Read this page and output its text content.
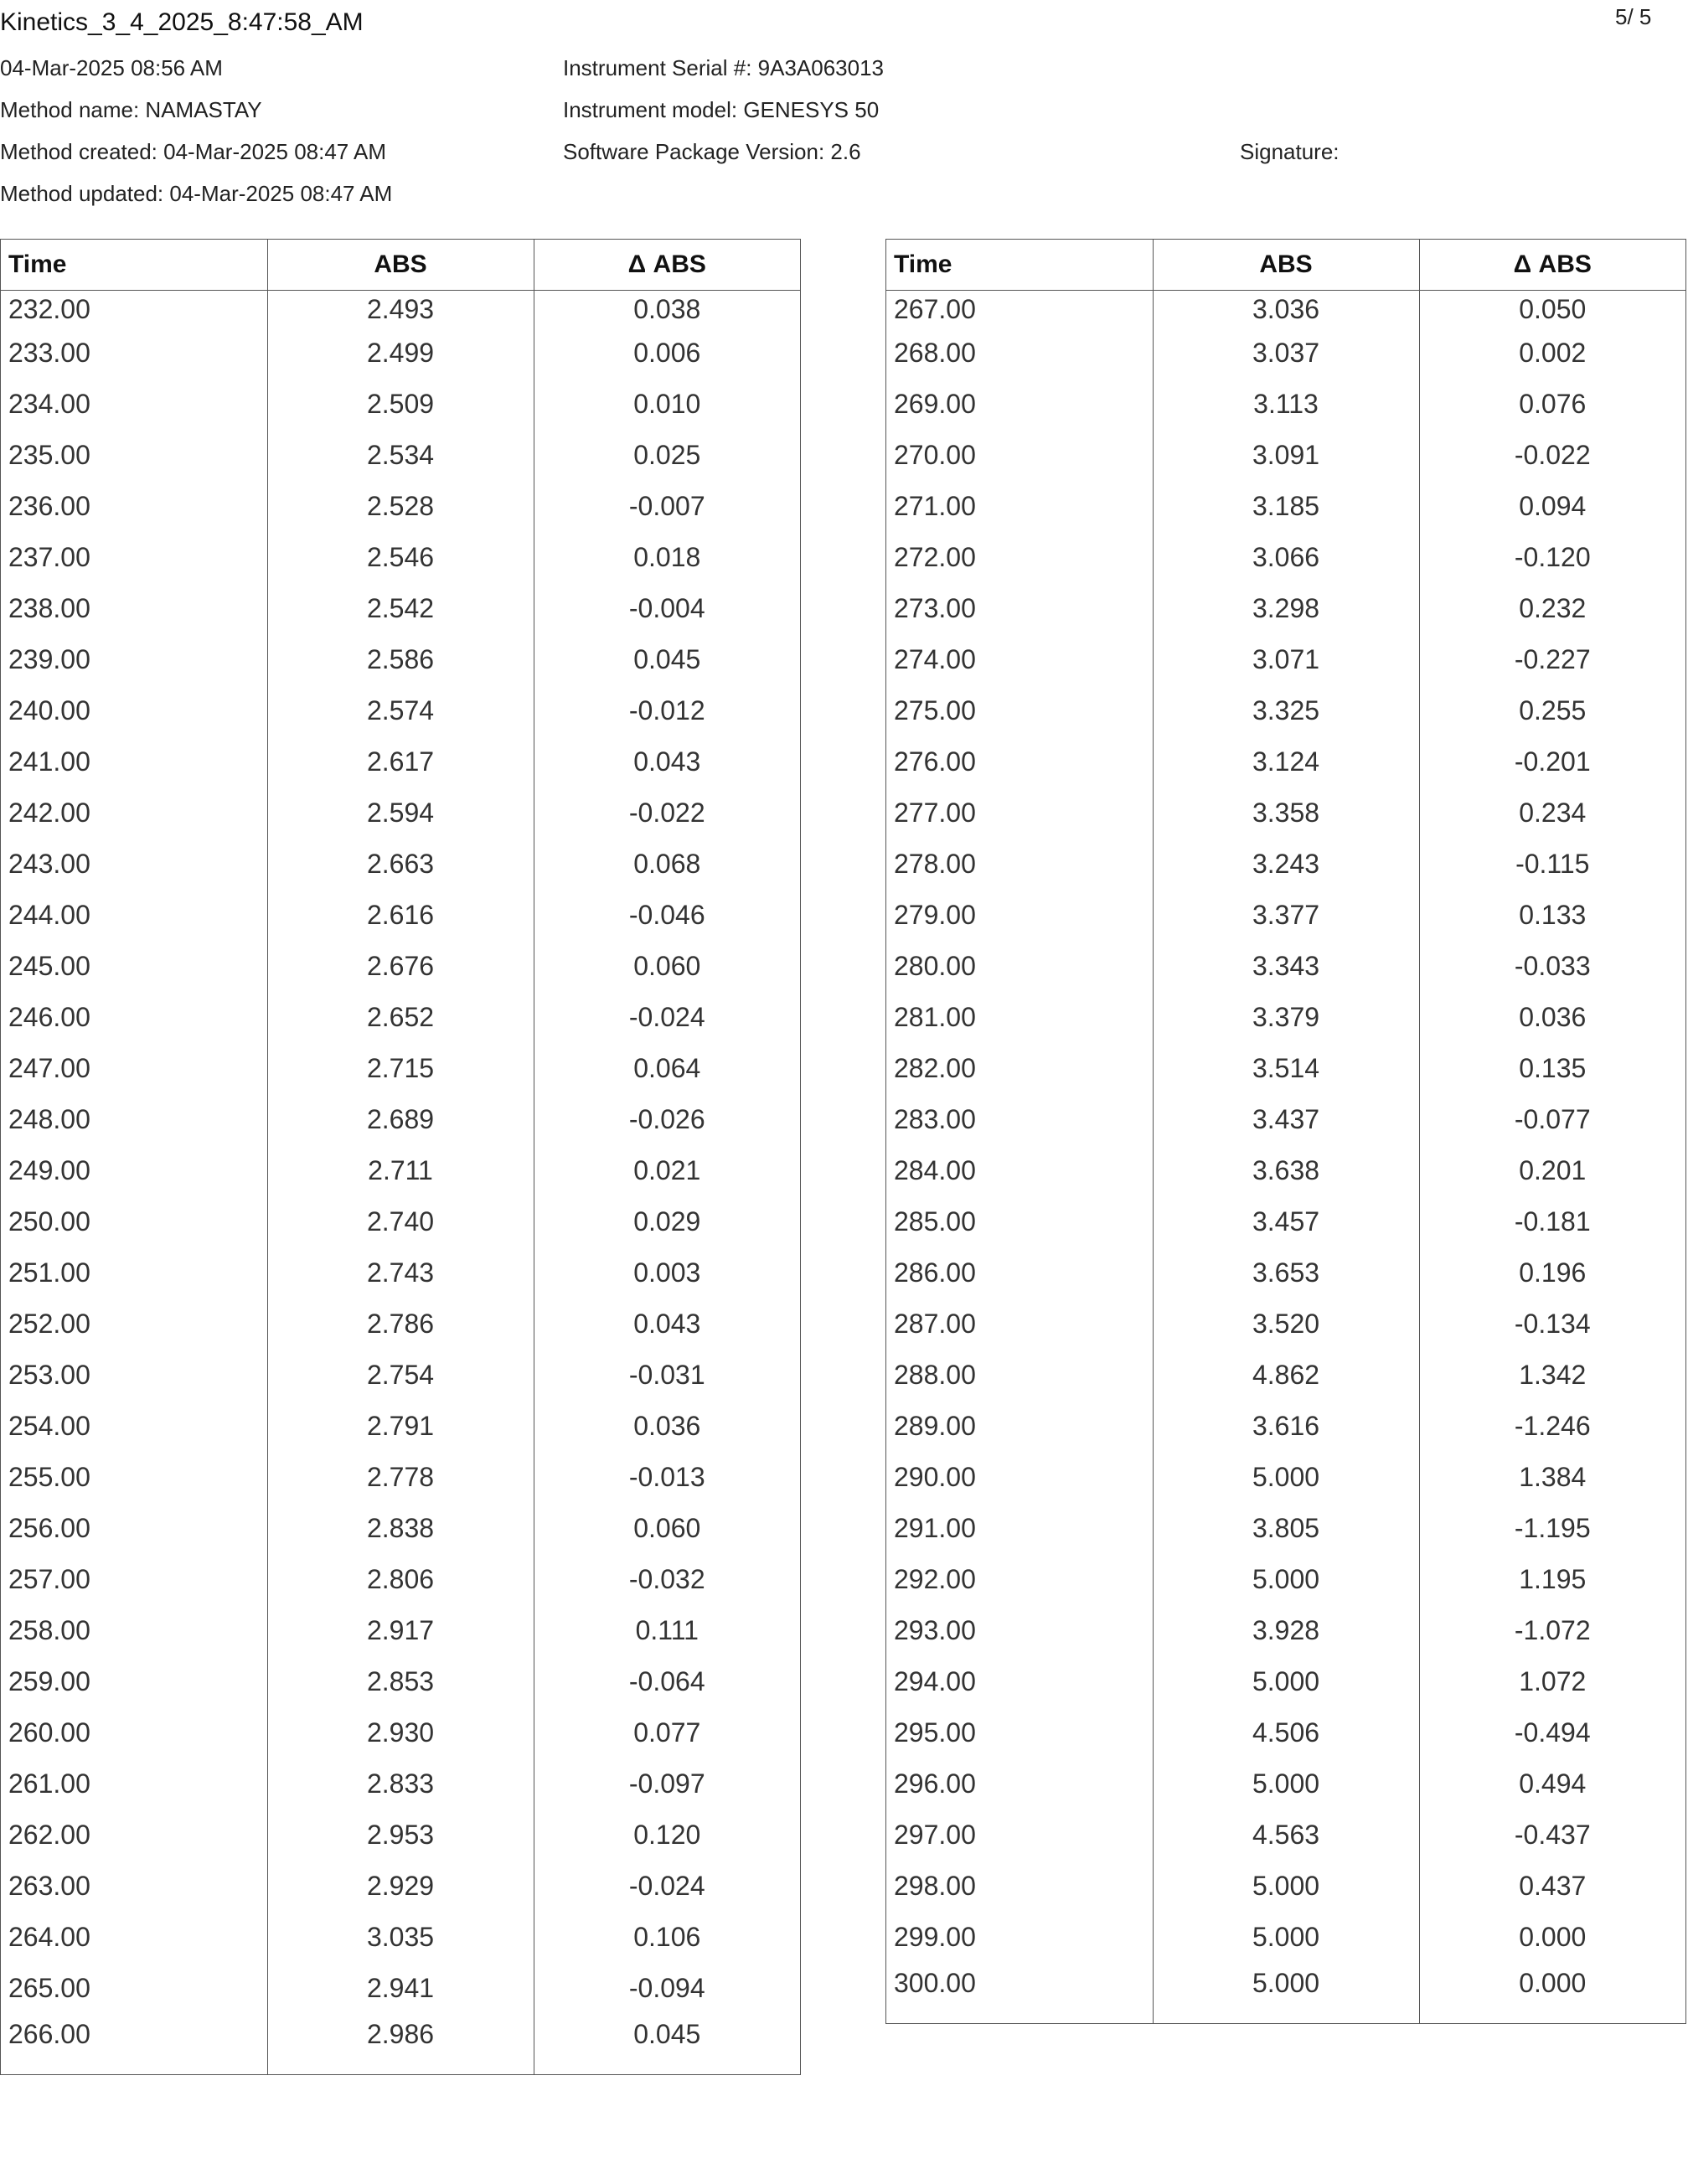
Kinetics_3_4_2025_8:47:58_AM	5/ 5
04-Mar-2025 08:56 AM
Method name: NAMASTAY
Method created: 04-Mar-2025 08:47 AM
Method updated: 04-Mar-2025 08:47 AM
Instrument Serial #: 9A3A063013
Instrument model: GENESYS 50
Software Package Version: 2.6	Signature:
Time	ABS	Δ ABS
232.00	2.493	0.038
233.00	2.499	0.006
234.00	2.509	0.010
235.00	2.534	0.025
236.00	2.528	-0.007
237.00	2.546	0.018
238.00	2.542	-0.004
239.00	2.586	0.045
240.00	2.574	-0.012
241.00	2.617	0.043
242.00	2.594	-0.022
243.00	2.663	0.068
244.00	2.616	-0.046
245.00	2.676	0.060
246.00	2.652	-0.024
247.00	2.715	0.064
248.00	2.689	-0.026
249.00	2.711	0.021
250.00	2.740	0.029
251.00	2.743	0.003
252.00	2.786	0.043
253.00	2.754	-0.031
254.00	2.791	0.036
255.00	2.778	-0.013
256.00	2.838	0.060
257.00	2.806	-0.032
258.00	2.917	0.111
259.00	2.853	-0.064
260.00	2.930	0.077
261.00	2.833	-0.097
262.00	2.953	0.120
263.00	2.929	-0.024
264.00	3.035	0.106
265.00	2.941	-0.094
266.00	2.986	0.045
Time	ABS	Δ ABS
267.00	3.036	0.050
268.00	3.037	0.002
269.00	3.113	0.076
270.00	3.091	-0.022
271.00	3.185	0.094
272.00	3.066	-0.120
273.00	3.298	0.232
274.00	3.071	-0.227
275.00	3.325	0.255
276.00	3.124	-0.201
277.00	3.358	0.234
278.00	3.243	-0.115
279.00	3.377	0.133
280.00	3.343	-0.033
281.00	3.379	0.036
282.00	3.514	0.135
283.00	3.437	-0.077
284.00	3.638	0.201
285.00	3.457	-0.181
286.00	3.653	0.196
287.00	3.520	-0.134
288.00	4.862	1.342
289.00	3.616	-1.246
290.00	5.000	1.384
291.00	3.805	-1.195
292.00	5.000	1.195
293.00	3.928	-1.072
294.00	5.000	1.072
295.00	4.506	-0.494
296.00	5.000	0.494
297.00	4.563	-0.437
298.00	5.000	0.437
299.00	5.000	0.000
300.00	5.000	0.000
